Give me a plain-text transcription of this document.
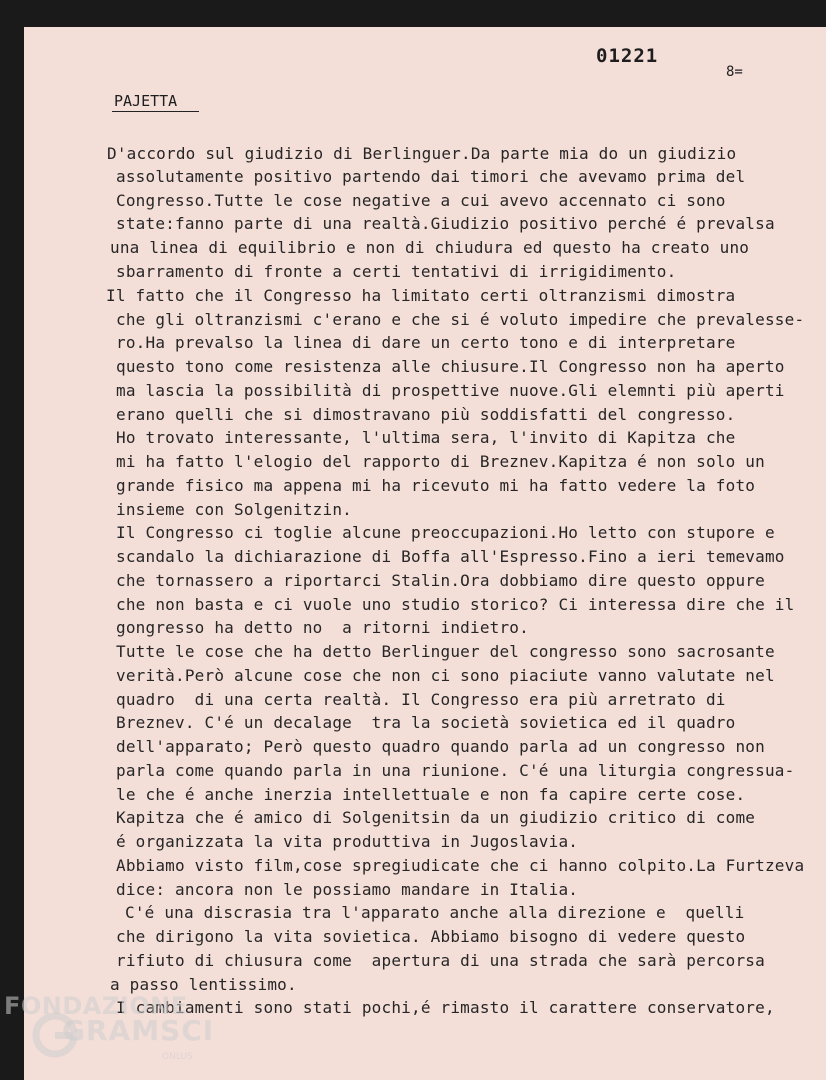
01221
8=
PAJETTA
D'accordo sul giudizio di Berlinguer.Da parte mia do un giudizio
assolutamente positivo partendo dai timori che avevamo prima del
Congresso.Tutte le cose negative a cui avevo accennato ci sono
state:fanno parte di una realtà.Giudizio positivo perché é prevalsa
una linea di equilibrio e non di chiudura ed questo ha creato uno
sbarramento di fronte a certi tentativi di irrigidimento.
Il fatto che il Congresso ha limitato certi oltranzismi dimostra
che gli oltranzismi c'erano e che si é voluto impedire che prevalesse-
ro.Ha prevalso la linea di dare un certo tono e di interpretare
questo tono come resistenza alle chiusure.Il Congresso non ha aperto
ma lascia la possibilità di prospettive nuove.Gli elemnti più aperti
erano quelli che si dimostravano più soddisfatti del congresso.
Ho trovato interessante, l'ultima sera, l'invito di Kapitza che
mi ha fatto l'elogio del rapporto di Breznev.Kapitza é non solo un
grande fisico ma appena mi ha ricevuto mi ha fatto vedere la foto
insieme con Solgenitzin.
Il Congresso ci toglie alcune preoccupazioni.Ho letto con stupore e
scandalo la dichiarazione di Boffa all'Espresso.Fino a ieri temevamo
che tornassero a riportarci Stalin.Ora dobbiamo dire questo oppure
che non basta e ci vuole uno studio storico? Ci interessa dire che il
gongresso ha detto no  a ritorni indietro.
Tutte le cose che ha detto Berlinguer del congresso sono sacrosante
verità.Però alcune cose che non ci sono piaciute vanno valutate nel
quadro  di una certa realtà. Il Congresso era più arretrato di
Breznev. C'é un decalage  tra la società sovietica ed il quadro
dell'apparato; Però questo quadro quando parla ad un congresso non
parla come quando parla in una riunione. C'é una liturgia congressua-
le che é anche inerzia intellettuale e non fa capire certe cose.
Kapitza che é amico di Solgenitsin da un giudizio critico di come
é organizzata la vita produttiva in Jugoslavia.
Abbiamo visto film,cose spregiudicate che ci hanno colpito.La Furtzeva
dice: ancora non le possiamo mandare in Italia.
C'é una discrasia tra l'apparato anche alla direzione e  quelli
che dirigono la vita sovietica. Abbiamo bisogno di vedere questo
rifiuto di chiusura come  apertura di una strada che sarà percorsa
a passo lentissimo.
I cambiamenti sono stati pochi,é rimasto il carattere conservatore,
FONDAZIONE
GRAMSCI
ONLUS
